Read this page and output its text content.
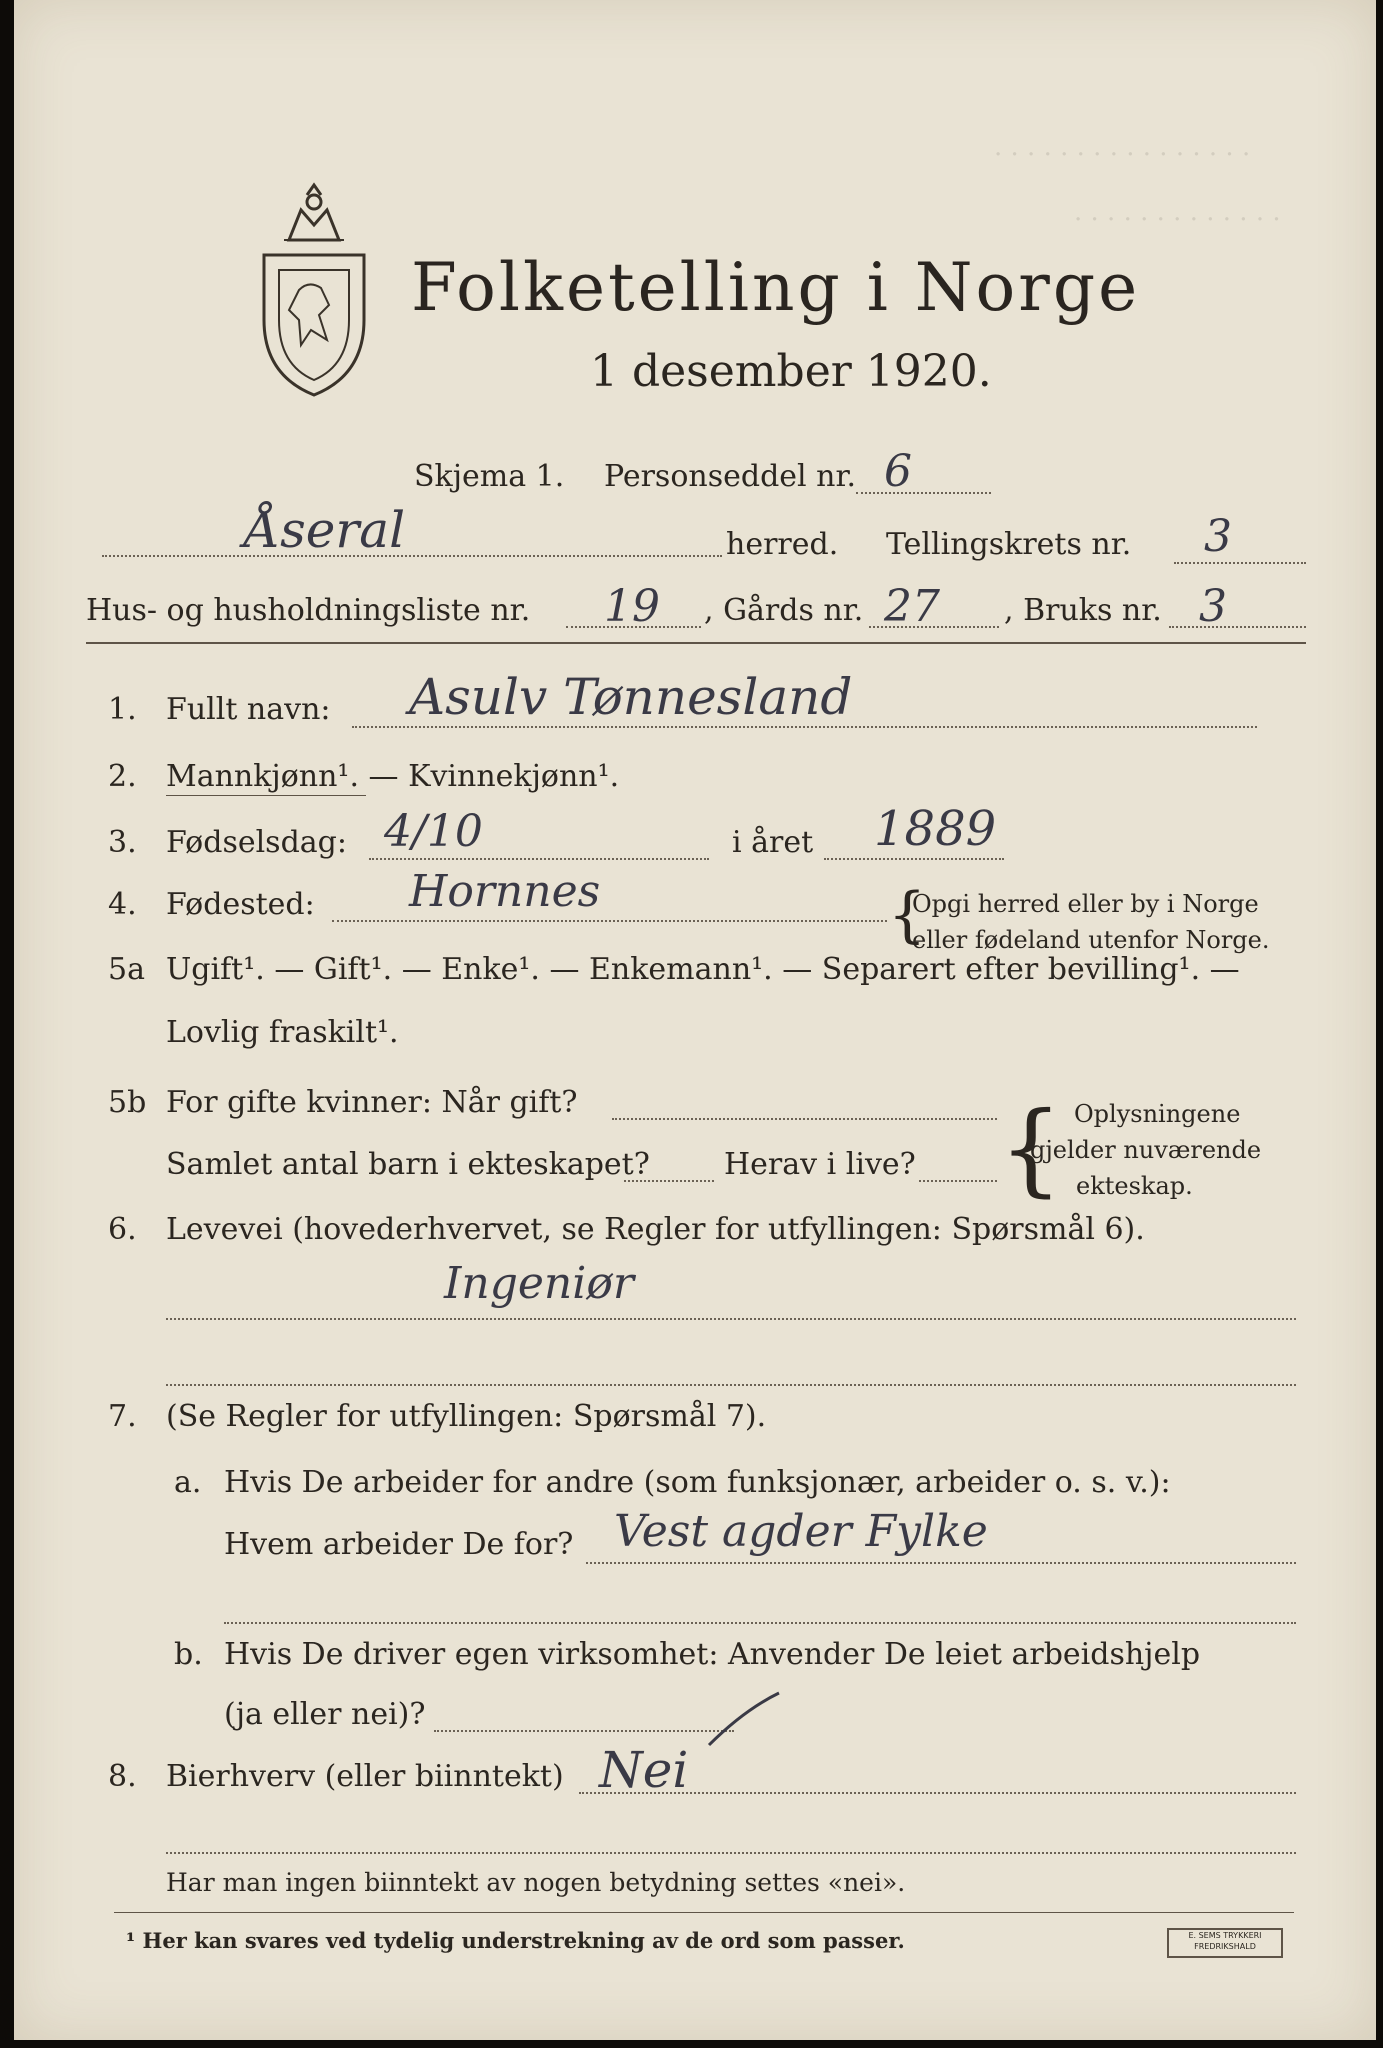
· · · · · · · · · · · · · · · ·
· · · · · · · · · · · · ·
Folketelling i Norge
1 desember 1920.
Skjema 1. Personseddel nr. 6
Åseral	herred. Tellingskrets nr. 3
Hus- og husholdningsliste nr. 19 , Gårds nr. 27 , Bruks nr. 3
1. Fullt navn: Asulv Tønnesland
2. Mannkjønn¹. — Kvinnekjønn¹.
3. Fødselsdag: 4/10	i året 1889
4. Fødested: Hornnes	{
Opgi herred eller by i Norge
eller fødeland utenfor Norge.
5a Ugift¹. — Gift¹. — Enke¹. — Enkemann¹. — Separert efter bevilling¹. —
Lovlig fraskilt¹.
5b For gifte kvinner: Når gift?
Samlet antal barn i ekteskapet? Herav i live? { Oplysningene
gjelder nuværende
ekteskap.
6. Levevei (hovederhvervet, se Regler for utfyllingen: Spørsmål 6).
Ingeniør
7. (Se Regler for utfyllingen: Spørsmål 7).
a. Hvis De arbeider for andre (som funksjonær, arbeider o. s. v.):
Hvem arbeider De for? Vest agder Fylke
b. Hvis De driver egen virksomhet: Anvender De leiet arbeidshjelp
(ja eller nei)?
8. Bierhverv (eller biinntekt) Nei
Har man ingen biinntekt av nogen betydning settes «nei».
¹ Her kan svares ved tydelig understrekning av de ord som passer.	E. SEMS TRYKKERI
FREDRIKSHALD
